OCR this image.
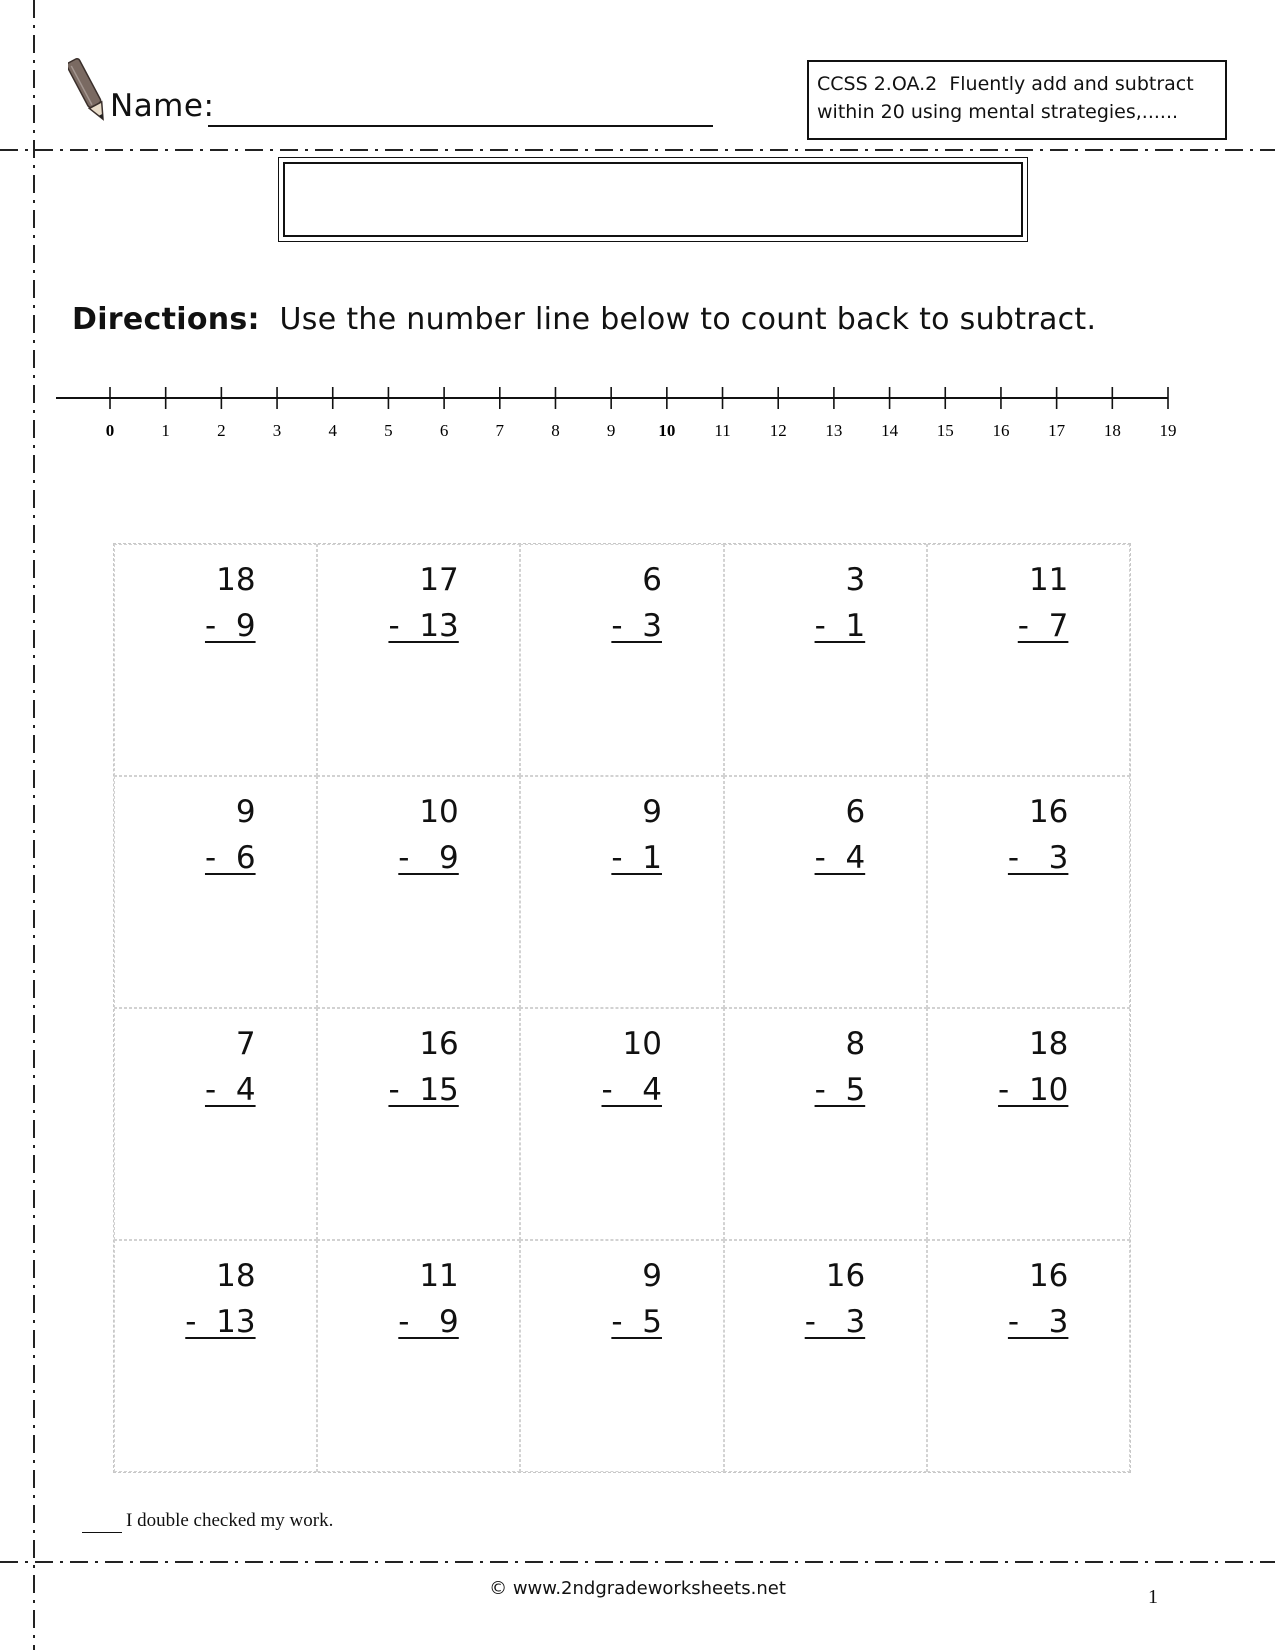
Name:
CCSS 2.OA.2  Fluently add and subtract
within 20 using mental strategies,......
Directions: Use the number line below to count back to subtract.
0	1	2	3	4	5	6	7	8	9	10 11 12 13 14 15 16 17 18 19
18
-  9
17
-  13
6
-  3
3
-  1
11
-  7
9
-  6
10
-   9
9
-  1
6
-  4
16
-   3
7
-  4
16
-  15
10
-   4
8
-  5
18
-  10
18
-  13
11
-   9
9
-  5
16
-   3
16
-   3
I double checked my work.
© www.2ndgradeworksheets.net	1
